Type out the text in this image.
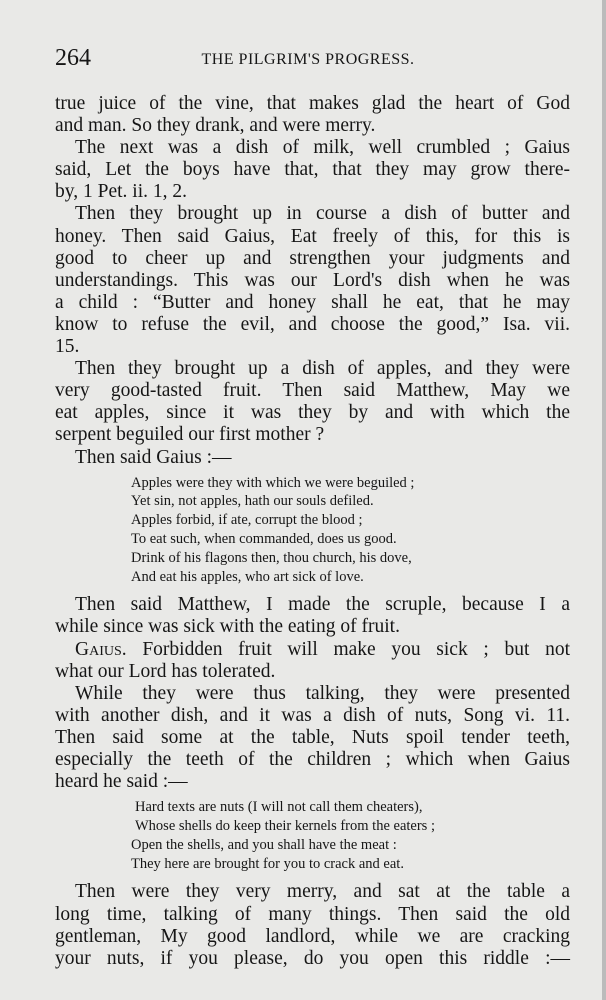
264	THE PILGRIM'S PROGRESS.
true juice of the vine, that makes glad the heart of God
and man. So they drank, and were merry.
The next was a dish of milk, well crumbled ; Gaius
said, Let the boys have that, that they may grow there-
by, 1 Pet. ii. 1, 2.
Then they brought up in course a dish of butter and
honey. Then said Gaius, Eat freely of this, for this is
good to cheer up and strengthen your judgments and
understandings. This was our Lord's dish when he was
a child : “Butter and honey shall he eat, that he may
know to refuse the evil, and choose the good,” Isa. vii.
15.
Then they brought up a dish of apples, and they were
very good-tasted fruit. Then said Matthew, May we
eat apples, since it was they by and with which the
serpent beguiled our first mother ?
Then said Gaius :—
Apples were they with which we were beguiled ;
Yet sin, not apples, hath our souls defiled.
Apples forbid, if ate, corrupt the blood ;
To eat such, when commanded, does us good.
Drink of his flagons then, thou church, his dove,
And eat his apples, who art sick of love.
Then said Matthew, I made the scruple, because I a
while since was sick with the eating of fruit.
Gaius. Forbidden fruit will make you sick ; but not
what our Lord has tolerated.
While they were thus talking, they were presented
with another dish, and it was a dish of nuts, Song vi. 11.
Then said some at the table, Nuts spoil tender teeth,
especially the teeth of the children ; which when Gaius
heard he said :—
Hard texts are nuts (I will not call them cheaters),
Whose shells do keep their kernels from the eaters ;
Open the shells, and you shall have the meat :
They here are brought for you to crack and eat.
Then were they very merry, and sat at the table a
long time, talking of many things. Then said the old
gentleman, My good landlord, while we are cracking
your nuts, if you please, do you open this riddle :—
